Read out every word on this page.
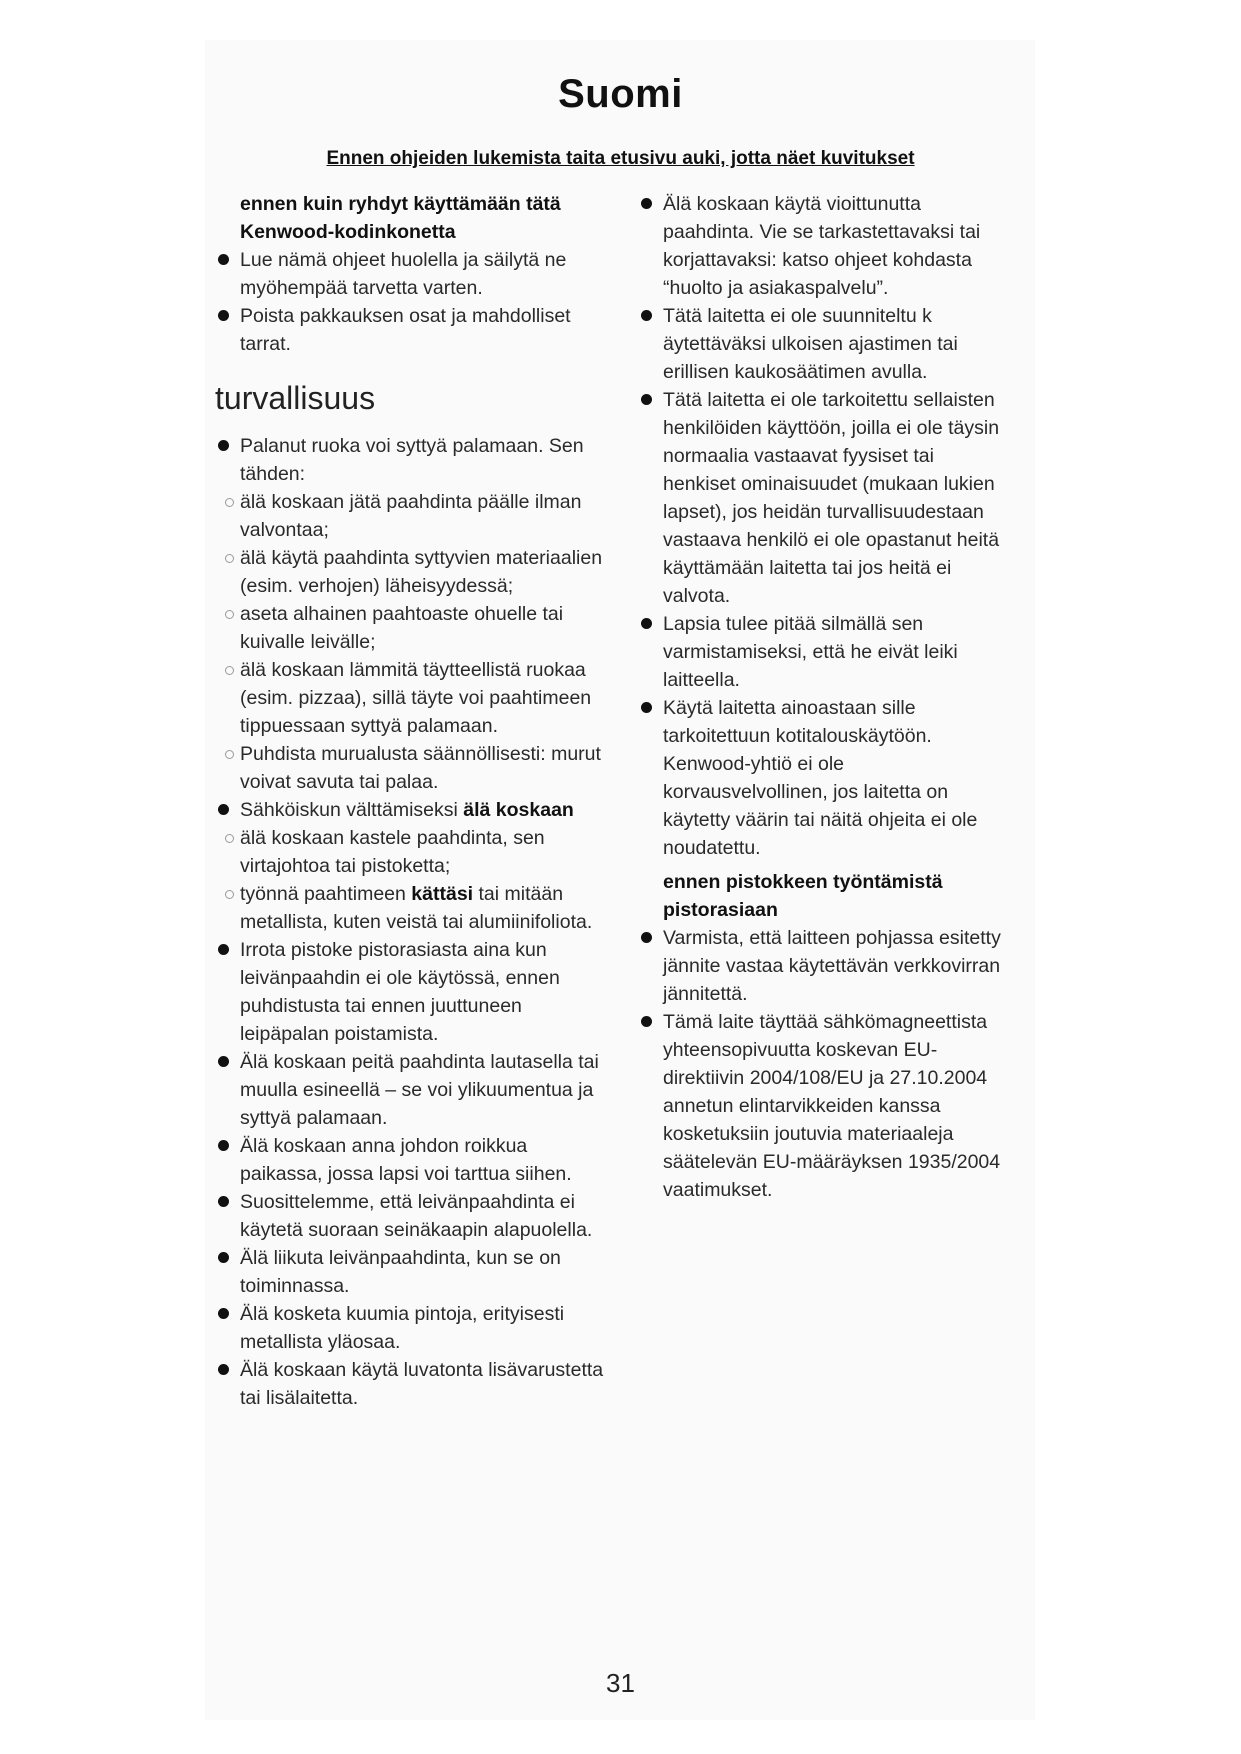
Suomi
Ennen ohjeiden lukemista taita etusivu auki, jotta näet kuvitukset

ennen kuin ryhdyt käyttämään tätä Kenwood-kodinkonetta

Lue nämä ohjeet huolella ja säilytä ne myöhempää tarvetta varten.
Poista pakkauksen osat ja mahdolliset tarrat.
turvallisuus
Palanut ruoka voi syttyä palamaan. Sen tähden:
älä koskaan jätä paahdinta päälle ilman valvontaa;
älä käytä paahdinta syttyvien materiaalien (esim. verhojen) läheisyydessä;
aseta alhainen paahtoaste ohuelle tai kuivalle leivälle;
älä koskaan lämmitä täytteellistä ruokaa (esim. pizzaa), sillä täyte voi paahtimeen tippuessaan syttyä palamaan.
Puhdista murualusta säännöllisesti: murut voivat savuta tai palaa.
Sähköiskun välttämiseksi älä koskaan
älä koskaan kastele paahdinta, sen virtajohtoa tai pistoketta;
työnnä paahtimeen kättäsi tai mitään metallista, kuten veistä tai alumiinifoliota.
Irrota pistoke pistorasiasta aina kun leivänpaahdin ei ole käytössä, ennen puhdistusta tai ennen juuttuneen leipäpalan poistamista.
Älä koskaan peitä paahdinta lautasella tai muulla esineellä – se voi ylikuumentua ja syttyä palamaan.
Älä koskaan anna johdon roikkua paikassa, jossa lapsi voi tarttua siihen.
Suosittelemme, että leivänpaahdinta ei käytetä suoraan seinäkaapin alapuolella.
Älä liikuta leivänpaahdinta, kun se on toiminnassa.
Älä kosketa kuumia pintoja, erityisesti metallista yläosaa.
Älä koskaan käytä luvatonta lisävarustetta tai lisälaitetta.
Älä koskaan käytä vioittunutta paahdinta. Vie se tarkastettavaksi tai korjattavaksi: katso ohjeet kohdasta “huolto ja asiakaspalvelu”.
Tätä laitetta ei ole suunniteltu k äytettäväksi ulkoisen ajastimen tai erillisen kaukosäätimen avulla.
Tätä laitetta ei ole tarkoitettu sellaisten henkilöiden käyttöön, joilla ei ole täysin normaalia vastaavat fyysiset tai henkiset ominaisuudet (mukaan lukien lapset), jos heidän turvallisuudestaan vastaava henkilö ei ole opastanut heitä käyttämään laitetta tai jos heitä ei valvota.
Lapsia tulee pitää silmällä sen varmistamiseksi, että he eivät leiki laitteella.
Käytä laitetta ainoastaan sille tarkoitettuun kotitalouskäytöön. Kenwood-yhtiö ei ole korvausvelvollinen, jos laitetta on käytetty väärin tai näitä ohjeita ei ole noudatettu.

ennen pistokkeen työntämistä pistorasiaan

Varmista, että laitteen pohjassa esitetty jännite vastaa käytettävän verkkovirran jännitettä.
Tämä laite täyttää sähkömagneettista yhteensopivuutta koskevan EU-direktiivin 2004/108/EU ja 27.10.2004 annetun elintarvikkeiden kanssa kosketuksiin joutuvia materiaaleja säätelevän EU-määräyksen 1935/2004 vaatimukset.
31
